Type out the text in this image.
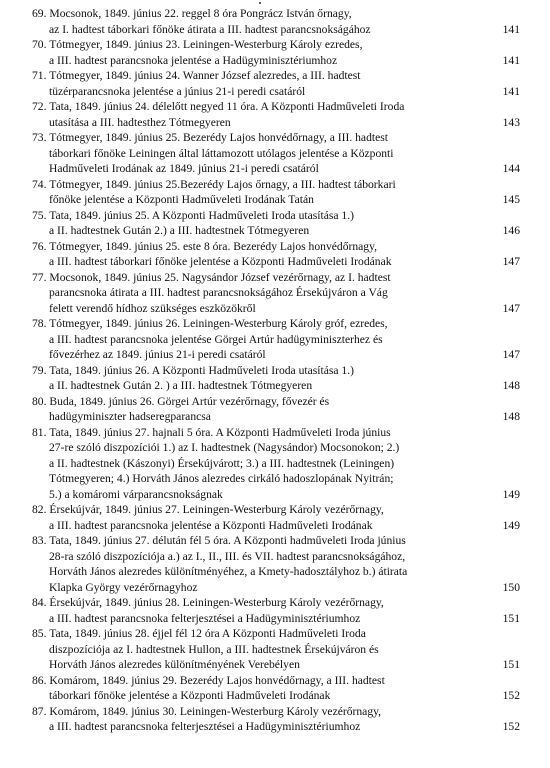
69. Mocsonok, 1849. június 22. reggel 8 óra Pongrácz István őrnagy,
az I. hadtest táborkari főnöke átirata a III. hadtest parancsnokságához	141
70. Tótmegyer, 1849. június 23. Leiningen-Westerburg Károly ezredes,
a III. hadtest parancsnoka jelentése a Hadügyminisztériumhoz	141
71. Tótmegyer, 1849. június 24. Wanner József alezredes, a III. hadtest
tüzérparancsnoka jelentése a június 21-i peredi csatáról	141
72. Tata, 1849. június 24. délelőtt negyed 11 óra. A Központi Hadműveleti Iroda
utasítása a III. hadtesthez Tótmegyeren	143
73. Tótmegyer, 1849. június 25. Bezerédy Lajos honvédőrnagy, a III. hadtest
táborkari főnöke Leiningen által láttamozott utólagos jelentése a Központi
Hadműveleti Irodának az 1849. június 21-i peredi csatáról	144
74. Tótmegyer, 1849. június 25.Bezerédy Lajos őrnagy, a III. hadtest táborkari
főnöke jelentése a Központi Hadműveleti Irodának Tatán	145
75. Tata, 1849. június 25. A Központi Hadműveleti Iroda utasítása 1.)
a II. hadtestnek Gután 2.) a III. hadtestnek Tótmegyeren	146
76. Tótmegyer, 1849. június 25. este 8 óra. Bezerédy Lajos honvédőrnagy,
a III. hadtest táborkari főnöke jelentése a Központi Hadműveleti Irodának	147
77. Mocsonok, 1849. június 25. Nagysándor József vezérőrnagy, az I. hadtest
parancsnoka átirata a III. hadtest parancsnokságához Érsekújváron a Vág
felett verendő hídhoz szükséges eszközökről	147
78. Tótmegyer, 1849. június 26. Leiningen-Westerburg Károly gróf, ezredes,
a III. hadtest parancsnoka jelentése Görgei Artúr hadügyminiszterhez és
fővezérhez az 1849. június 21-i peredi csatáról	147
79. Tata, 1849. június 26. A Központi Hadműveleti Iroda utasítása 1.)
a II. hadtestnek Gután 2. ) a III. hadtestnek Tótmegyeren	148
80. Buda, 1849. június 26. Görgei Artúr vezérőrnagy, fővezér és
hadügyminiszter hadseregparancsa	148
81. Tata, 1849. június 27. hajnali 5 óra. A Központi Hadműveleti Iroda június
27-re szóló diszpozíciói 1.) az I. hadtestnek (Nagysándor) Mocsonokon; 2.)
a II. hadtestnek (Kászonyi) Érsekújvárott; 3.) a III. hadtestnek (Leiningen)
Tótmegyeren; 4.) Horváth János alezredes cirkáló hadoszlopának Nyitrán;
5.) a komáromi várparancsnokságnak	149
82. Érsekújvár, 1849. június 27. Leiningen-Westerburg Károly vezérőrnagy,
a III. hadtest parancsnoka jelentése a Központi Hadműveleti Irodának	149
83. Tata, 1849. június 27. délután fél 5 óra. A Központi hadműveleti Iroda június
28-ra szóló diszpozíciója a.) az I., II., III. és VII. hadtest parancsnokságához,
Horváth János alezredes különítményéhez, a Kmety-hadosztályhoz b.) átirata
Klapka György vezérőrnagyhoz	150
84. Érsekújvár, 1849. június 28. Leiningen-Westerburg Károly vezérőrnagy,
a III. hadtest parancsnoka felterjesztései a Hadügyminisztériumhoz	151
85. Tata, 1849. június 28. éjjel fél 12 óra A Központi Hadműveleti Iroda
diszpozíciója az I. hadtestnek Hullon, a III. hadtestnek Érsekújváron és
Horváth János alezredes különítményének Verebélyen	151
86. Komárom, 1849. június 29. Bezerédy Lajos honvédőrnagy, a III. hadtest
táborkari főnöke jelentése a Központi Hadműveleti Irodának	152
87. Komárom, 1849. június 30. Leiningen-Westerburg Károly vezérőrnagy,
a III. hadtest parancsnoka felterjesztései a Hadügyminisztériumhoz	152
